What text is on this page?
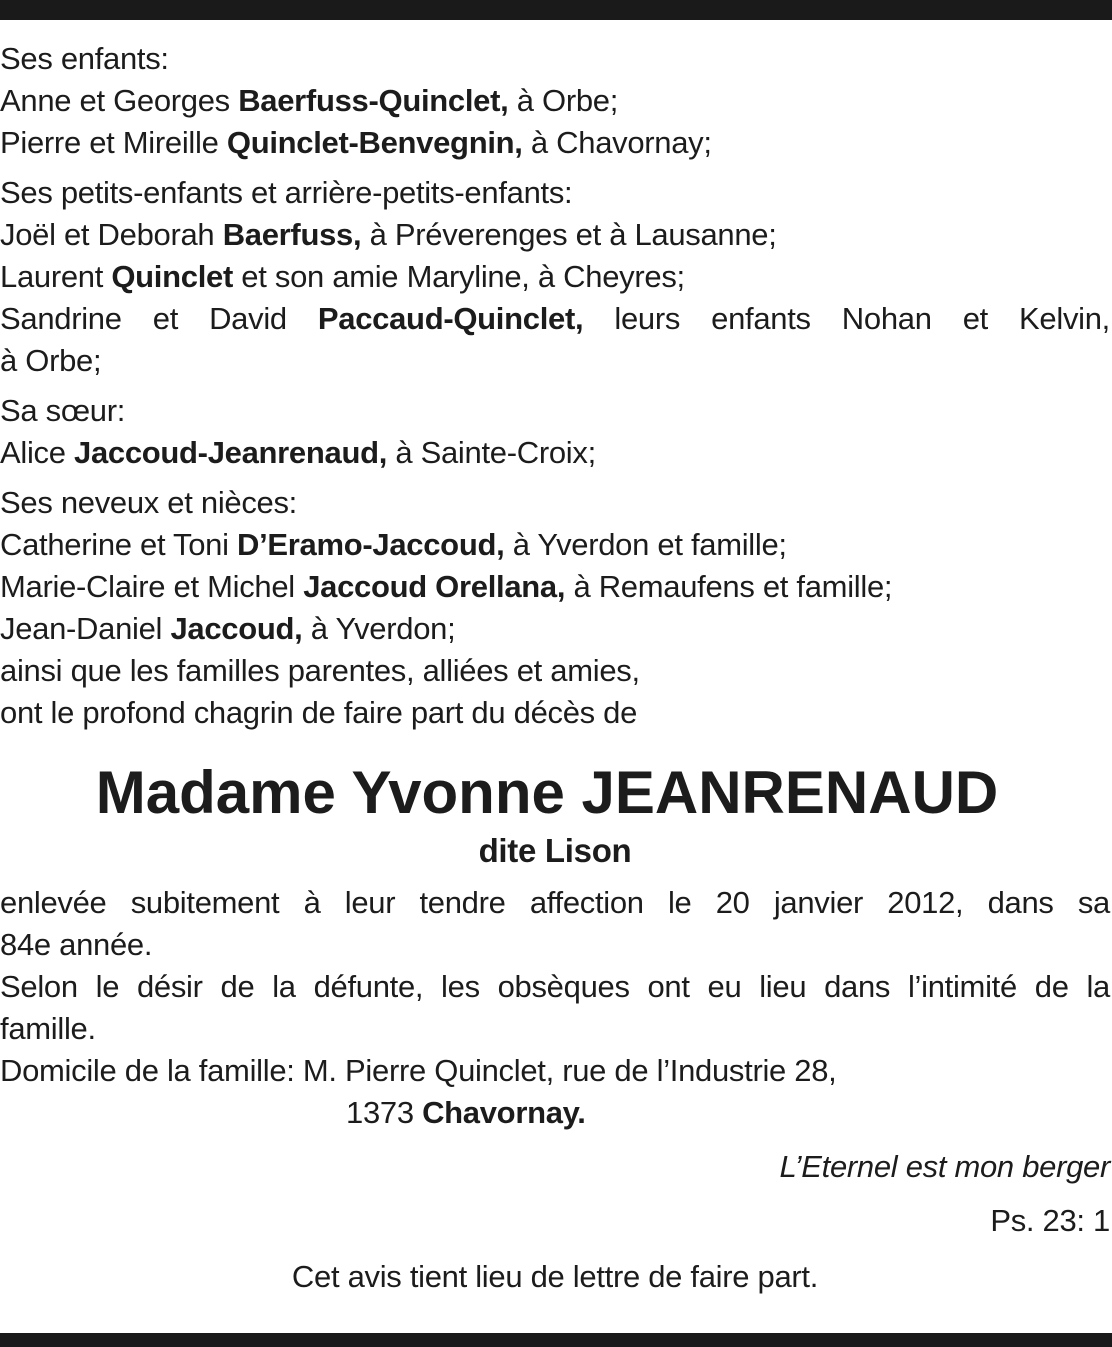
Ses enfants:
Anne et Georges Baerfuss-Quinclet, à Orbe;
Pierre et Mireille Quinclet-Benvegnin, à Chavornay;
Ses petits-enfants et arrière-petits-enfants:
Joël et Deborah Baerfuss, à Préverenges et à Lausanne;
Laurent Quinclet et son amie Maryline, à Cheyres;
Sandrine et David Paccaud-Quinclet, leurs enfants Nohan et Kelvin,
à Orbe;
Sa sœur:
Alice Jaccoud-Jeanrenaud, à Sainte-Croix;
Ses neveux et nièces:
Catherine et Toni D’Eramo-Jaccoud, à Yverdon et famille;
Marie-Claire et Michel Jaccoud Orellana, à Remaufens et famille;
Jean-Daniel Jaccoud, à Yverdon;
ainsi que les familles parentes, alliées et amies,
ont le profond chagrin de faire part du décès de
Madame Yvonne JEANRENAUD
dite Lison
enlevée subitement à leur tendre affection le 20 janvier 2012, dans sa
84e année.
Selon le désir de la défunte, les obsèques ont eu lieu dans l’intimité de la
famille.
Domicile de la famille: M. Pierre Quinclet, rue de l’Industrie 28,
1373 Chavornay.
L’Eternel est mon berger
Ps. 23: 1
Cet avis tient lieu de lettre de faire part.
